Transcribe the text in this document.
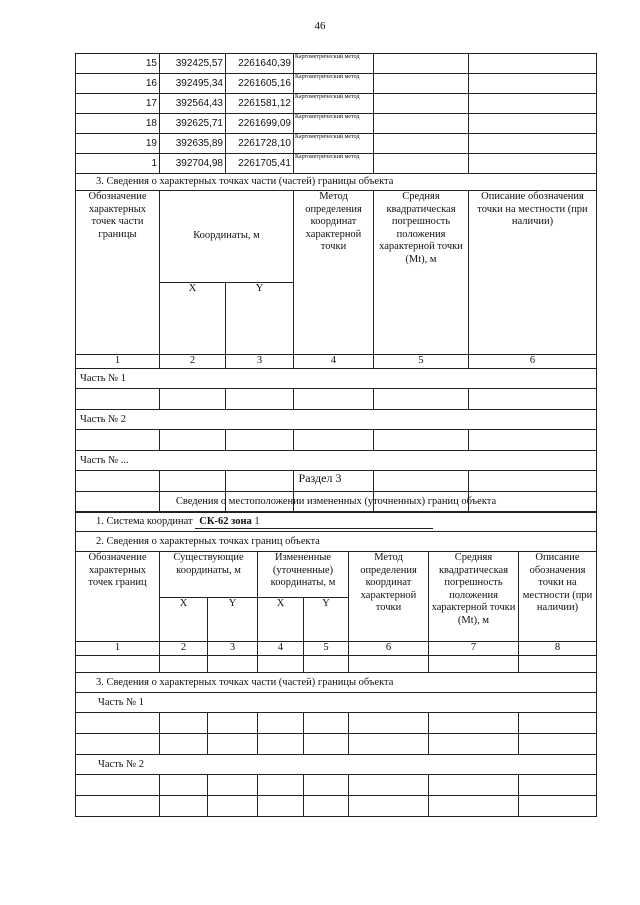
46
15	392425,57	2261640,39	Картометрический метод		
16	392495,34	2261605,16	Картометрический метод		
17	392564,43	2261581,12	Картометрический метод		
18	392625,71	2261699,09	Картометрический метод		
19	392635,89	2261728,10	Картометрический метод		
1	392704,98	2261705,41	Картометрический метод		
3. Сведения о характерных точках части (частей) границы объекта					
Обозначение характерных точек части границы	Координаты, м		Метод определения координат характерной точки	Средняя квадратическая погрешность положения характерной точки (Mt), м	Описание обозначения точки на местности (при наличии)
	X	Y			
1	2	3	4	5	6
Часть № 1					

Часть № 2					

Часть № ...					

Раздел 3
Сведения о местоположении измененных (уточненных) границ объекта							
1. Система координат СК-62 зона 1							
2. Сведения о характерных точках границ объекта							
Обозначение характерных точек границ	Существующие координаты, м		Измененные (уточненные) координаты, м		Метод определения координат характерной точки	Средняя квадратическая погрешность положения характерной точки (Mt), м	Описание обозначения точки на местности (при наличии)
	X	Y	X	Y			
1	2	3	4	5	6	7	8

3. Сведения о характерных точках части (частей) границы объекта							
Часть № 1							

Часть № 2							
